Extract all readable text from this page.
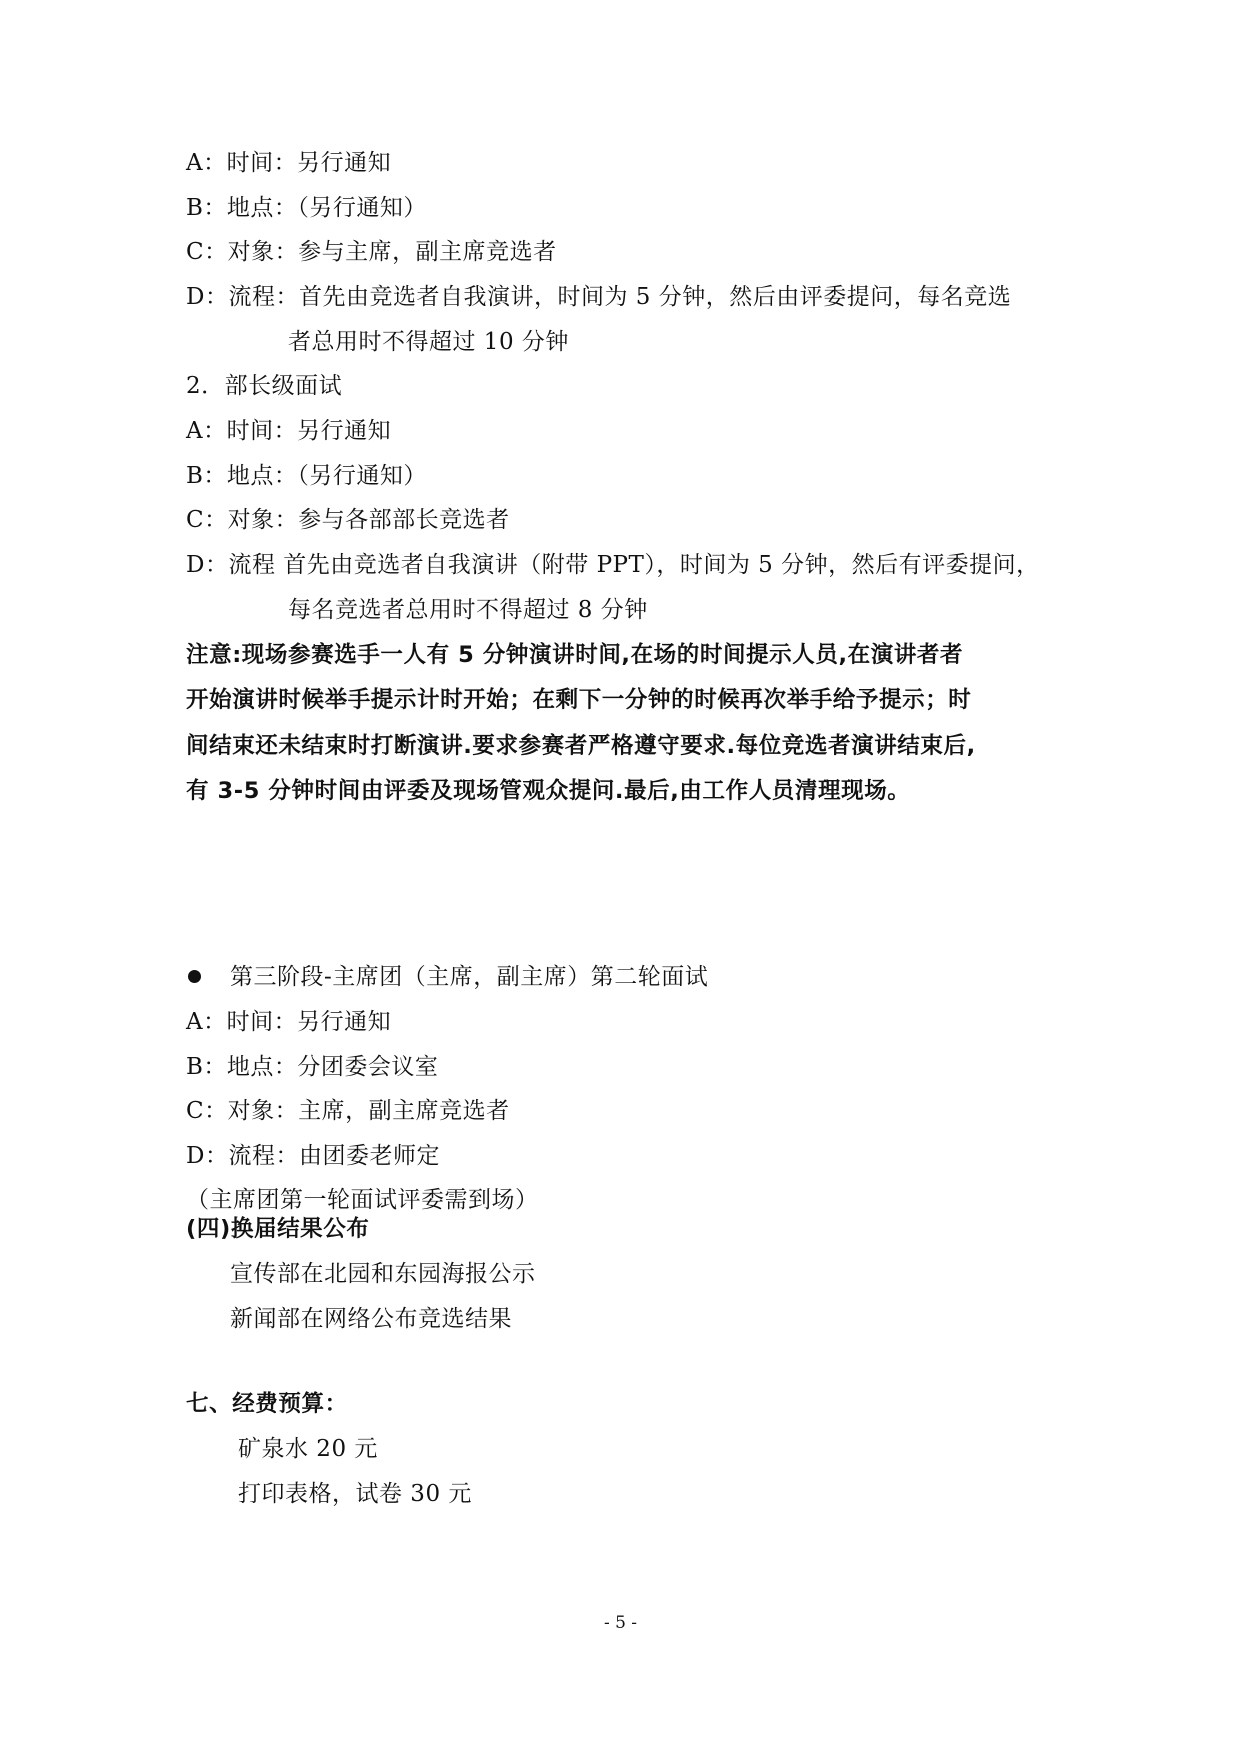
A：时间：另行通知
B：地点：（另行通知）
C：对象：参与主席，副主席竞选者
D：流程：首先由竞选者自我演讲，时间为 5 分钟，然后由评委提问，每名竞选
者总用时不得超过 10 分钟
2．部长级面试
A：时间：另行通知
B：地点：（另行通知）
C：对象：参与各部部长竞选者
D：流程 首先由竞选者自我演讲（附带 PPT），时间为 5 分钟，然后有评委提问，
每名竞选者总用时不得超过 8 分钟
注意:现场参赛选手一人有 5 分钟演讲时间,在场的时间提示人员,在演讲者者
开始演讲时候举手提示计时开始；在剩下一分钟的时候再次举手给予提示；时
间结束还未结束时打断演讲.要求参赛者严格遵守要求.每位竞选者演讲结束后,
有 3-5 分钟时间由评委及现场管观众提问.最后,由工作人员清理现场。
第三阶段-主席团（主席，副主席）第二轮面试
A：时间：另行通知
B：地点：分团委会议室
C：对象：主席，副主席竞选者
D：流程：由团委老师定
（主席团第一轮面试评委需到场）
(四)换届结果公布
宣传部在北园和东园海报公示
新闻部在网络公布竞选结果
七、经费预算：
矿泉水 20 元
打印表格，试卷 30 元
- 5 -
